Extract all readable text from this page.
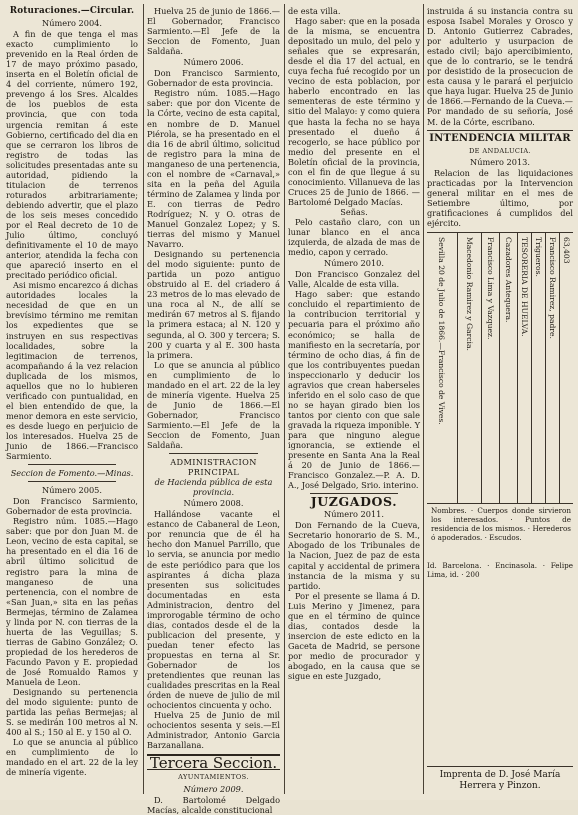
Roturaciones.—Circular.

Número 2004.

A fin de que tenga el mas exacto cumplimiento lo prevenido en la Real órden de 17 de mayo próximo pasado, inserta en el Boletín oficial de 4 del corriente, número 192, prevengo á los Sres. Alcaldes de los pueblos de esta provincia, que con toda urgencia remitan á este Gobierno, certificado del dia en que se cerraron los libros de registro de todas las solicitudes presentadas ante su autoridad, pidiendo la titulacion de terrenos roturados arbitrariamente; debiendo advertir, que el plazo de los seis meses concedido por el Real decreto de 10 de Julio último, concluyó definitivamente el 10 de mayo anterior, atendida la fecha con que apareció inserto en el precitado periódico oficial.

Asi mismo encarezco á dichas autoridades locales la necesidad de que en un brevísimo término me remitan los expedientes que se instruyen en sus respectivas localidades, sobre la legitimacion de terrenos, acompañando á la vez relacion duplicada de los mismos, aquellos que no lo hubieren verificado con puntualidad, en el bien entendido de que, la menor demora en este servicio, es desde luego en perjuicio de los interesados. Huelva 25 de Junio de 1866.—Francisco Sarmiento.

Seccion de Fomento.—Minas.

Número 2005.

Don Francisco Sarmiento, Gobernador de esta provincia.

Registro núm. 1085.—Hago saber: que por don Juan M. de Leon, vecino de esta capital, se ha presentado en el dia 16 de abril último solicitud de registro para la mina de manganeso de una pertenencia, con el nombre de «San Juan,» sita en las peñas Bermejas, término de Zalamea y linda por N. con tierras de la huerta de las Veguillas; S. tierras de Gabino González; O. propiedad de los herederos de Facundo Pavon y E. propiedad de José Romualdo Ramos y Manuela de Leon.

Designando su pertenencia del modo siguiente: punto de partida las peñas Bermejas; al S. se medirán 100 metros al N. 400 al S.; 150 al E. y 150 al O.

Lo que se anuncia al público en cumplimiento de lo mandado en el art. 22 de la ley de minería vigente.

Huelva 25 de junio de 1866.—El Gobernador, Francisco Sarmiento.—El Jefe de la Seccion de Fomento, Juan Saldaña.

Número 2006.

Don Francisco Sarmiento, Gobernador de esta provincia.

Registro núm. 1085.—Hago saber: que por don Vicente de la Córte, vecino de esta capital, en nombre de D. Manuel Piérola, se ha presentado en el dia 16 de abril último, solicitud de registro para la mina de manganeso de una pertenencia, con el nombre de «Carnaval,» sita en la peña del Aguila término de Zalamea y linda por E. con tierras de Pedro Rodríguez; N. y O. otras de Manuel Gonzalez Lopez; y S. tierras del mismo y Manuel Navarro.

Designando su pertenencia del modo siguiente: punto de partida un pozo antiguo obstruido al E. del criadero á 23 metros de lo mas elevado de una roca al N., de allí se medirán 67 metros al S. fijando la primera estaca; al N. 120 y segunda, al O. 300 y tercera; S. 200 y cuarta y al E. 300 hasta la primera.

Lo que se anuncia al público en cumplimiento de lo mandado en el art. 22 de la ley de minería vigente. Huelva 25 de Junio de 1866.—El Gobernador, Francisco Sarmiento.—El Jefe de la Seccion de Fomento, Juan Saldaña.

ADMINISTRACION PRINCIPAL

de Hacienda pública de esta provincia.

Número 2008.

Hallándose vacante el estanco de Cabaneral de Leon, por renuncia que de él ha hecho don Manuel Parrillo, que lo servia, se anuncia por medio de este periódico para que los aspirantes á dicha plaza presenten sus solicitudes documentadas en esta Administracion, dentro del improrogable término de ocho dias, contados desde el de la publicacion del presente, y puedan tener efecto las propuestas en terna al Sr. Gobernador de los pretendientes que reunan las cualidades prescritas en la Real órden de nueve de julio de mil ochocientos cincuenta y ocho.

Huelva 25 de Junio de mil ochocientos sesenta y seis.—El Administrador, Antonio Garcia Barzanallana.

Tercera Seccion.

AYUNTAMIENTOS.

Número 2009.

D. Bartolomé Delgado Macías, alcalde constitucional

de esta villa.

Hago saber: que en la posada de la misma, se encuentra depositado un mulo, del pelo y señales que se expresarán, desde el dia 17 del actual, en cuya fecha fué recogido por un vecino de esta poblacion, por haberlo encontrado en las sementeras de este término y sitio del Malayo: y como quiera que hasta la fecha no se haya presentado el dueño á recogerlo, se hace público por medio del presente en el Boletín oficial de la provincia, con el fin de que llegue á su conocimiento. Villanueva de las Cruces 25 de Junio de 1866. —Bartolomé Delgado Macías.

Señas.

Pelo castaño claro, con un lunar blanco en el anca izquierda, de alzada de mas de medio, capon y cerrado.

Número 2010.

Don Francisco Gonzalez del Valle, Alcalde de esta villa.

Hago saber: que estando concluido el repartimiento de la contribucion territorial y pecuaria para el próximo año económico; se halla de manifiesto en la secretaría, por término de ocho dias, á fin de que los contribuyentes puedan inspeccionarlo y deducir los agravios que crean haberseles inferido en el solo caso de que no se hayan girado bien los tantos por ciento con que sale gravada la riqueza imponible. Y para que ninguno alegue ignorancia, se extiende el presente en Santa Ana la Real á 20 de Junio de 1866.—Francisco Gonzalez.—P. A. D. A., José Delgado, Srio. interino.

JUZGADOS.

Número 2011.

Don Fernando de la Cueva, Secretario honorario de S. M., Abogado de los Tribunales de la Nacion, Juez de paz de esta capital y accidental de primera instancia de la misma y su partido.

Por el presente se llama á D. Luis Merino y Jimenez, para que en el término de quince dias, contados desde la insercion de este edicto en la Gaceta de Madrid, se persone por medio de procurador y abogado, en la causa que se sigue en este Juzgado,

instruida á su instancia contra su esposa Isabel Morales y Orosco y D. Antonio Gutierrez Cabrades, por adulterio y usurpacion de estado civil; bajo apercibimiento, que de lo contrario, se le tendrá por desistido de la prosecucion de esta causa y le parará el perjuicio que haya lugar. Huelva 25 de Junio de 1866.—Fernando de la Cueva.—Por mandado de su señoría, José M. de la Córte, escribano.

INTENDENCIA MILITAR

DE ANDALUCIA.

Número 2013.

Relacion de las liquidaciones practicadas por la Intervencion general militar en el mes de Setiembre último, por gratificaciones á cumplidos del ejército.

Sevilla 20 de Julio de 1866.—Francisco de Vives.	Macedonio Ramirez y Garcia. Francisco Lima y Vazquez. Cazadores Antequera. TESORERIA DE HUELVA. Trigueros. Francisco Ramirez, padre. 63,403
Nombres. · Cuerpos donde sirvieron los interesados. · Puntos de residencia de los mismos. · Herederos ó apoderados. · Escudos.
Id. Barcelona. · Encinasola. · Felipe Lima, id. · 200

Imprenta de D. José María Herrera y Pinzon.
